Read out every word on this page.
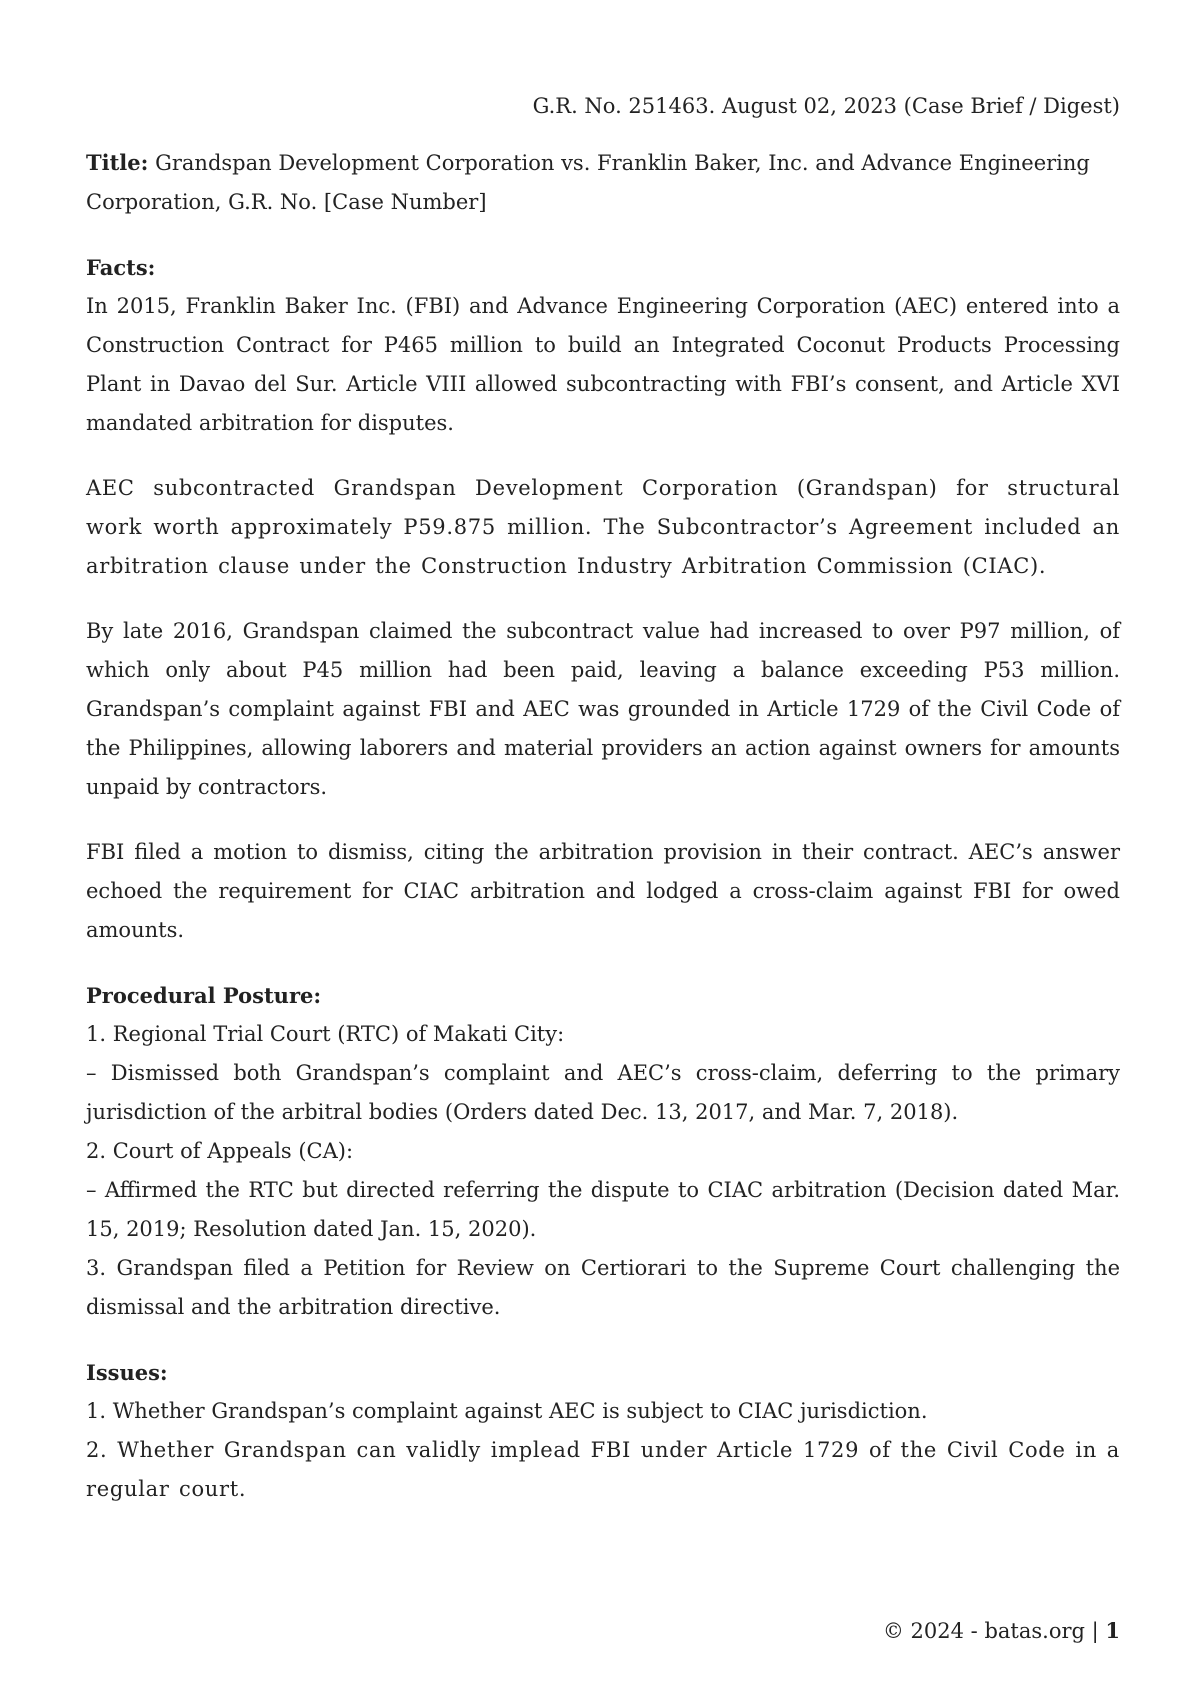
G.R. No. 251463. August 02, 2023 (Case Brief / Digest)
Title: Grandspan Development Corporation vs. Franklin Baker, Inc. and Advance Engineering Corporation, G.R. No. [Case Number]
Facts:

In 2015, Franklin Baker Inc. (FBI) and Advance Engineering Corporation (AEC) entered into a Construction Contract for P465 million to build an Integrated Coconut Products Processing Plant in Davao del Sur. Article VIII allowed subcontracting with FBI’s consent, and Article XVI mandated arbitration for disputes.

AEC subcontracted Grandspan Development Corporation (Grandspan) for structural work worth approximately P59.875 million. The Subcontractor’s Agreement included an arbitration clause under the Construction Industry Arbitration Commission (CIAC).

By late 2016, Grandspan claimed the subcontract value had increased to over P97 million, of which only about P45 million had been paid, leaving a balance exceeding P53 million. Grandspan’s complaint against FBI and AEC was grounded in Article 1729 of the Civil Code of the Philippines, allowing laborers and material providers an action against owners for amounts unpaid by contractors.

FBI filed a motion to dismiss, citing the arbitration provision in their contract. AEC’s answer echoed the requirement for CIAC arbitration and lodged a cross-claim against FBI for owed amounts.

Procedural Posture:
1. Regional Trial Court (RTC) of Makati City:
– Dismissed both Grandspan’s complaint and AEC’s cross-claim, deferring to the primary jurisdiction of the arbitral bodies (Orders dated Dec. 13, 2017, and Mar. 7, 2018).
2. Court of Appeals (CA):
– Affirmed the RTC but directed referring the dispute to CIAC arbitration (Decision dated Mar. 15, 2019; Resolution dated Jan. 15, 2020).
3. Grandspan filed a Petition for Review on Certiorari to the Supreme Court challenging the dismissal and the arbitration directive.
Issues:
1. Whether Grandspan’s complaint against AEC is subject to CIAC jurisdiction.
2. Whether Grandspan can validly implead FBI under Article 1729 of the Civil Code in a regular court.
© 2024 - batas.org | 1
